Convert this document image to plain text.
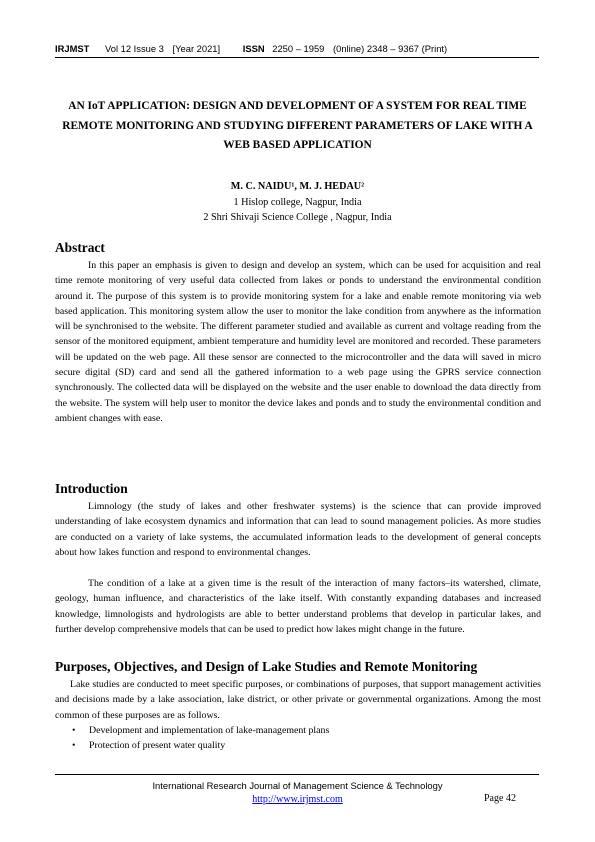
IRJMST Vol 12 Issue 3 [Year 2021] ISSN 2250 – 1959 (0nline) 2348 – 9367 (Print)
AN IoT APPLICATION: DESIGN AND DEVELOPMENT OF A SYSTEM FOR REAL TIME REMOTE MONITORING AND STUDYING DIFFERENT PARAMETERS OF LAKE WITH A WEB BASED APPLICATION
M. C. NAIDU¹, M. J. HEDAU²
1 Hislop college, Nagpur, India
2 Shri Shivaji Science College , Nagpur, India
Abstract

In this paper an emphasis is given to design and develop an system, which can be used for acquisition and real time remote monitoring of very useful data collected from lakes or ponds to understand the environmental condition around it. The purpose of this system is to provide monitoring system for a lake and enable remote monitoring via web based application. This monitoring system allow the user to monitor the lake condition from anywhere as the information will be synchronised to the website. The different parameter studied and available as current and voltage reading from the sensor of the monitored equipment, ambient temperature and humidity level are monitored and recorded. These parameters will be updated on the web page. All these sensor are connected to the microcontroller and the data will saved in micro secure digital (SD) card and send all the gathered information to a web page using the GPRS service connection synchronously. The collected data will be displayed on the website and the user enable to download the data directly from the website. The system will help user to monitor the device lakes and ponds and to study the environmental condition and ambient changes with ease.

Introduction

Limnology (the study of lakes and other freshwater systems) is the science that can provide improved understanding of lake ecosystem dynamics and information that can lead to sound management policies. As more studies are conducted on a variety of lake systems, the accumulated information leads to the development of general concepts about how lakes function and respond to environmental changes.

The condition of a lake at a given time is the result of the interaction of many factors–its watershed, climate, geology, human influence, and characteristics of the lake itself. With constantly expanding databases and increased knowledge, limnologists and hydrologists are able to better understand problems that develop in particular lakes, and further develop comprehensive models that can be used to predict how lakes might change in the future.

Purposes, Objectives, and Design of Lake Studies and Remote Monitoring

Lake studies are conducted to meet specific purposes, or combinations of purposes, that support management activities and decisions made by a lake association, lake district, or other private or governmental organizations. Among the most common of these purposes are as follows.

• Development and implementation of lake-management plans
• Protection of present water quality
International Research Journal of Management Science & Technology
http://www.irjmst.com	Page 42
